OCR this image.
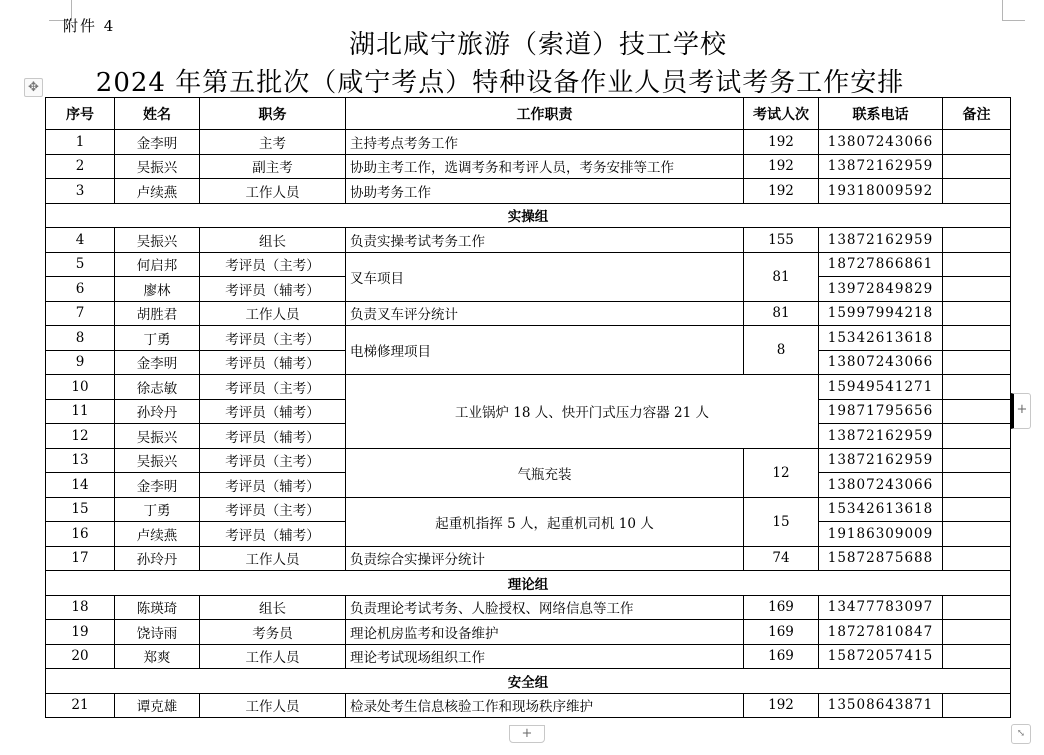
附件 4
湖北咸宁旅游（索道）技工学校
2024 年第五批次（咸宁考点）特种设备作业人员考试考务工作安排
✥
序号	姓名	职务	工作职责	考试人次	联系电话	备注
1	金李明	主考	主持考点考务工作	192	13807243066	
2	吴振兴	副主考	协助主考工作，选调考务和考评人员，考务安排等工作	192	13872162959	
3	卢续燕	工作人员	协助考务工作	192	19318009592	
实操组						
4	吴振兴	组长	负责实操考试考务工作	155	13872162959	
5	何启邦	考评员（主考）	叉车项目	81	18727866861	
6	廖林	考评员（辅考）			13972849829	
7	胡胜君	工作人员	负责叉车评分统计	81	15997994218	
8	丁勇	考评员（主考）	电梯修理项目	8	15342613618	
9	金李明	考评员（辅考）			13807243066	
10	徐志敏	考评员（主考）	工业锅炉 18 人、快开门式压力容器 21 人		15949541271	
11	孙玲丹	考评员（辅考）			19871795656	
12	吴振兴	考评员（辅考）			13872162959	
13	吴振兴	考评员（主考）	气瓶充装	12	13872162959	
14	金李明	考评员（辅考）			13807243066	
15	丁勇	考评员（主考）	起重机指挥 5 人，起重机司机 10 人	15	15342613618	
16	卢续燕	考评员（辅考）			19186309009	
17	孙玲丹	工作人员	负责综合实操评分统计	74	15872875688	
理论组						
18	陈瑛琦	组长	负责理论考试考务、人脸授权、网络信息等工作	169	13477783097	
19	饶诗雨	考务员	理论机房监考和设备维护	169	18727810847	
20	郑爽	工作人员	理论考试现场组织工作	169	15872057415	
安全组						
21	谭克雄	工作人员	检录处考生信息核验工作和现场秩序维护	192	13508643871	
+
+	⤡
